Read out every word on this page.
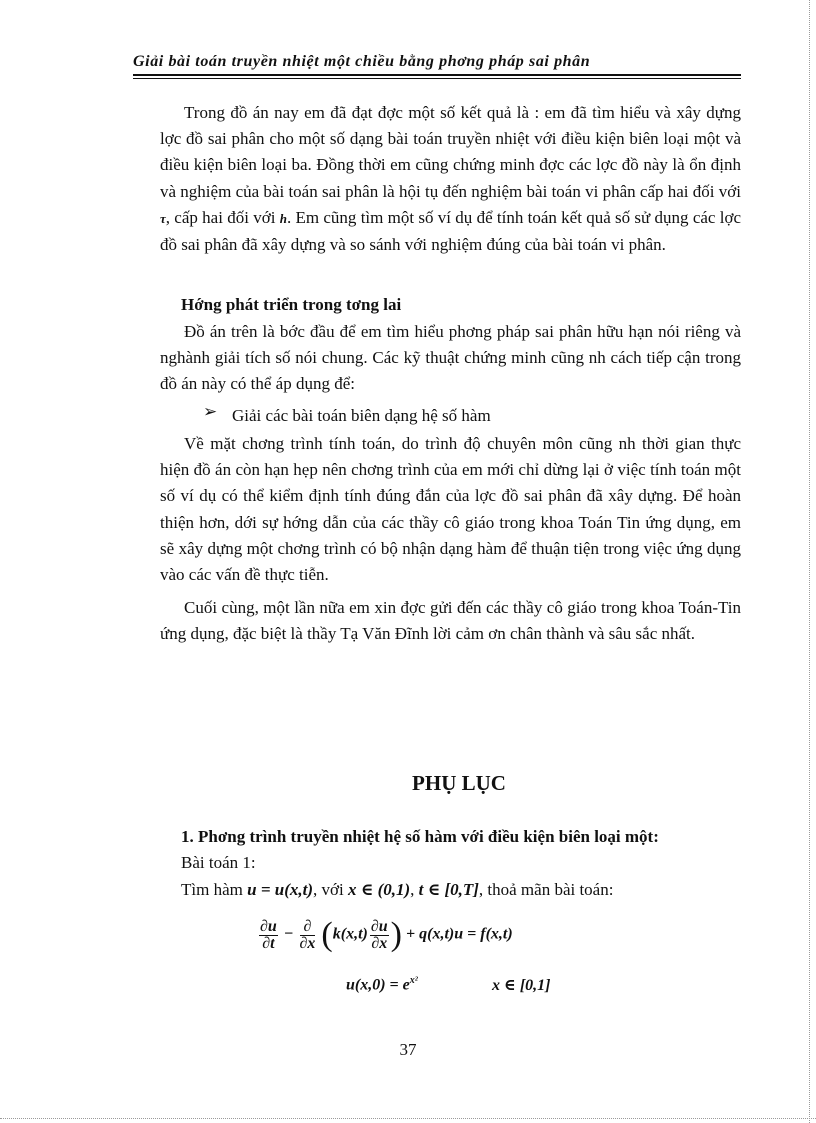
Giải bài toán truyền nhiệt một chiều bằng phơng pháp sai phân
Trong đồ án nay em đã đạt đợc một số kết quả là : em đã tìm hiểu và xây dựng lợc đồ sai phân cho một số dạng bài toán truyền nhiệt với điều kiện biên loại một và điều kiện biên loại ba. Đồng thời em cũng chứng minh đợc các lợc đồ này là ổn định và nghiệm của bài toán sai phân là hội tụ đến nghiệm bài toán vi phân cấp hai đối với τ, cấp hai đối với h. Em cũng tìm một số ví dụ để tính toán kết quả số sử dụng các lợc đồ sai phân đã xây dựng và so sánh với nghiệm đúng của bài toán vi phân.
Hớng phát triển trong tơng lai
Đồ án trên là bớc đầu để em tìm hiểu phơng pháp sai phân hữu hạn nói riêng và nghành giải tích số nói chung. Các kỹ thuật chứng minh cũng nh cách tiếp cận trong đồ án này có thể áp dụng để:
➢ Giải các bài toán biên dạng hệ số hàm
Về mặt chơng trình tính toán, do trình độ chuyên môn cũng nh thời gian thực hiện đồ án còn hạn hẹp nên chơng trình của em mới chỉ dừng lại ở việc tính toán một số ví dụ có thể kiểm định tính đúng đắn của lợc đồ sai phân đã xây dựng. Để hoàn thiện hơn, dới sự hớng dẫn của các thầy cô giáo trong khoa Toán Tin ứng dụng, em sẽ xây dựng một chơng trình có bộ nhận dạng hàm để thuận tiện trong việc ứng dụng vào các vấn đề thực tiễn.
Cuối cùng, một lần nữa em xin đợc gửi đến các thầy cô giáo trong khoa Toán-Tin ứng dụng, đặc biệt là thầy Tạ Văn Đĩnh lời cảm ơn chân thành và sâu sắc nhất.
PHỤ LỤC
1. Phơng trình truyền nhiệt hệ số hàm với điều kiện biên loại một:
Bài toán 1:
Tìm hàm u = u(x,t), với x ∈ (0,1), t ∈ [0,T], thoả mãn bài toán:
$\frac{\partial u}{\partial t} - \frac{\partial}{\partial x} (k(x,t) \frac{\partial u}{\partial x}$ ) + q(x,t)u = f(x,t)
$u(x,0) = e^{x^2}$	x ∈ [0,1]
37
